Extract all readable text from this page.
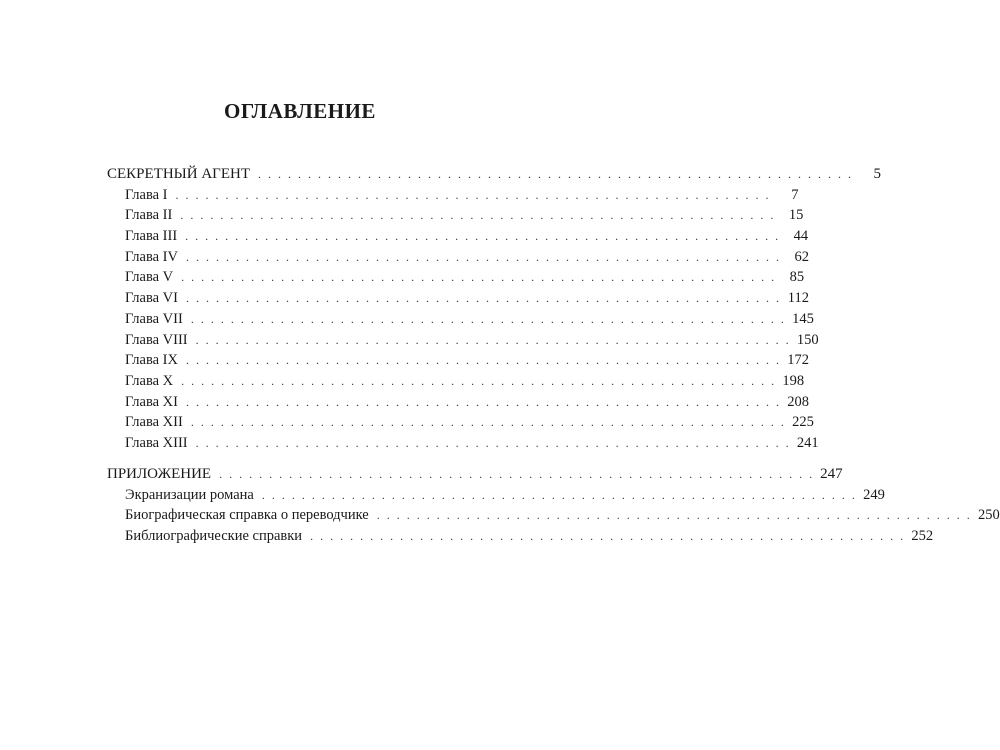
ОГЛАВЛЕНИЕ
СЕКРЕТНЫЙ АГЕНТ . . . . . . . . . . . . . . . . . . . . . . . . . . . . . . . . . . . . . . . . . . . . . . . . . . . . . . . . . . . .	5
Глава I . . . . . . . . . . . . . . . . . . . . . . . . . . . . . . . . . . . . . . . . . . . . . . . . . . . . . . . . . . . .	7
Глава II . . . . . . . . . . . . . . . . . . . . . . . . . . . . . . . . . . . . . . . . . . . . . . . . . . . . . . . . . . . . 15
Глава III . . . . . . . . . . . . . . . . . . . . . . . . . . . . . . . . . . . . . . . . . . . . . . . . . . . . . . . . . . . . 44
Глава IV . . . . . . . . . . . . . . . . . . . . . . . . . . . . . . . . . . . . . . . . . . . . . . . . . . . . . . . . . . . . 62
Глава V . . . . . . . . . . . . . . . . . . . . . . . . . . . . . . . . . . . . . . . . . . . . . . . . . . . . . . . . . . . . 85
Глава VI . . . . . . . . . . . . . . . . . . . . . . . . . . . . . . . . . . . . . . . . . . . . . . . . . . . . . . . . . . . . 112
Глава VII . . . . . . . . . . . . . . . . . . . . . . . . . . . . . . . . . . . . . . . . . . . . . . . . . . . . . . . . . . . . 145
Глава VIII . . . . . . . . . . . . . . . . . . . . . . . . . . . . . . . . . . . . . . . . . . . . . . . . . . . . . . . . . . . . 150
Глава IX . . . . . . . . . . . . . . . . . . . . . . . . . . . . . . . . . . . . . . . . . . . . . . . . . . . . . . . . . . . . 172
Глава X . . . . . . . . . . . . . . . . . . . . . . . . . . . . . . . . . . . . . . . . . . . . . . . . . . . . . . . . . . . . 198
Глава XI . . . . . . . . . . . . . . . . . . . . . . . . . . . . . . . . . . . . . . . . . . . . . . . . . . . . . . . . . . . . 208
Глава XII . . . . . . . . . . . . . . . . . . . . . . . . . . . . . . . . . . . . . . . . . . . . . . . . . . . . . . . . . . . . 225
Глава XIII . . . . . . . . . . . . . . . . . . . . . . . . . . . . . . . . . . . . . . . . . . . . . . . . . . . . . . . . . . . . 241
ПРИЛОЖЕНИЕ . . . . . . . . . . . . . . . . . . . . . . . . . . . . . . . . . . . . . . . . . . . . . . . . . . . . . . . . . . . . 247
Экранизации романа . . . . . . . . . . . . . . . . . . . . . . . . . . . . . . . . . . . . . . . . . . . . . . . . . . . . . . . . . . . . 249
Биографическая справка о переводчике . . . . . . . . . . . . . . . . . . . . . . . . . . . . . . . . . . . . . . . . . . . . . . . . . . . . . . . . . . . . 250
Библиографические справки . . . . . . . . . . . . . . . . . . . . . . . . . . . . . . . . . . . . . . . . . . . . . . . . . . . . . . . . . . . . 252
